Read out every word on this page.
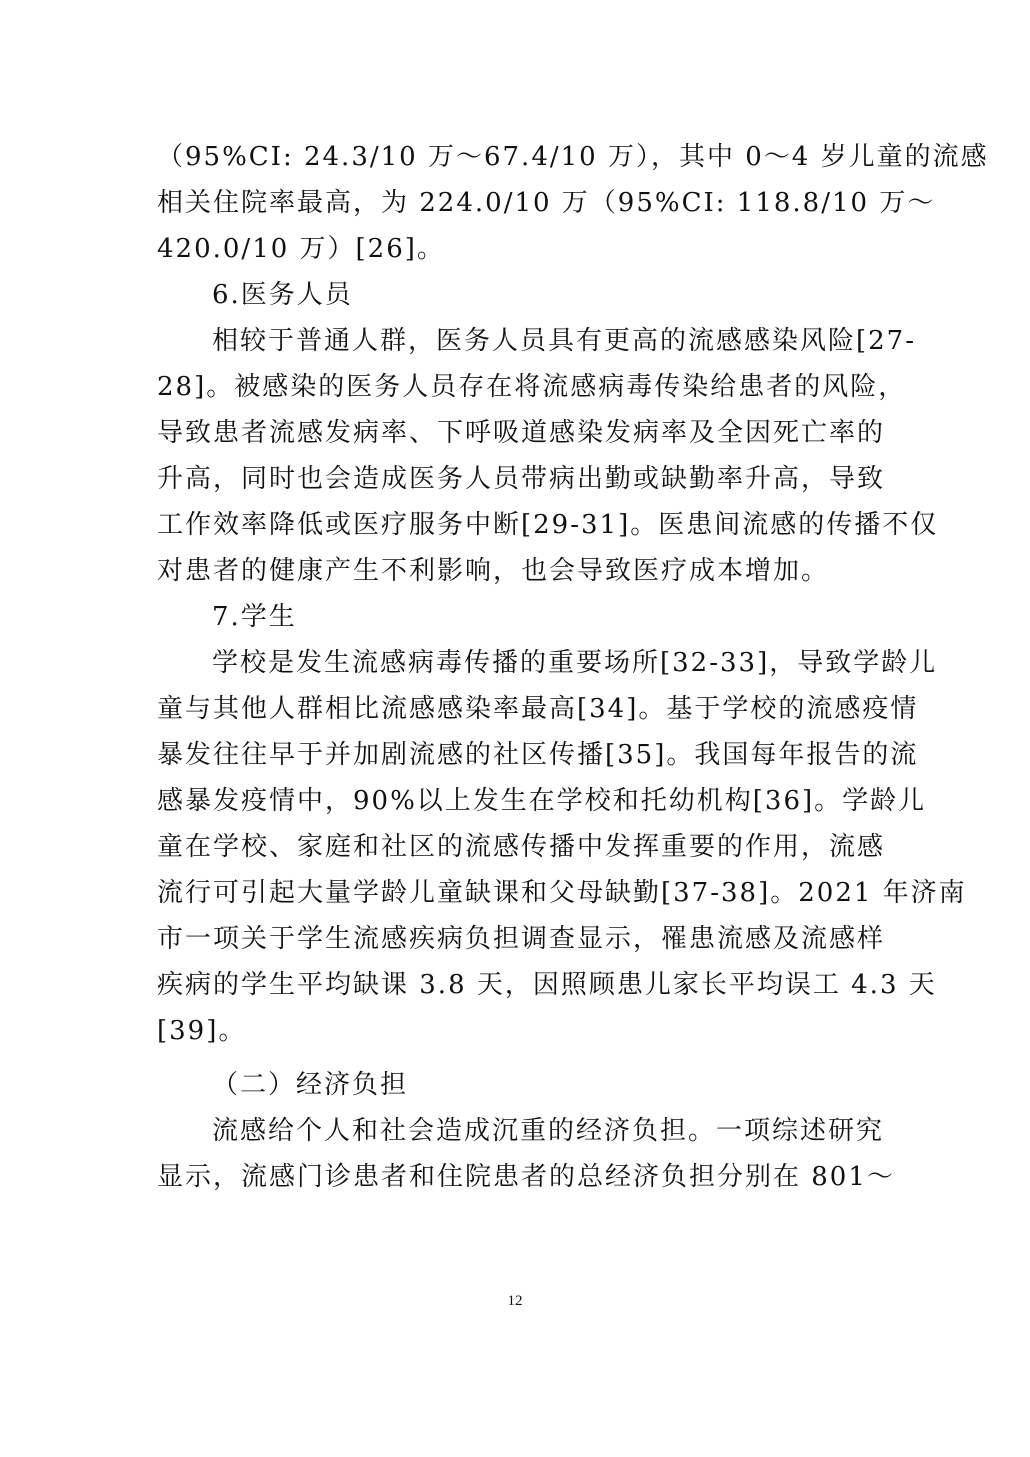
（95%CI: 24.3/10 万～67.4/10 万），其中 0～4 岁儿童的流感
相关住院率最高，为 224.0/10 万（95%CI: 118.8/10 万～
420.0/10 万）[26]。
6.医务人员
相较于普通人群，医务人员具有更高的流感感染风险[27-
28]。被感染的医务人员存在将流感病毒传染给患者的风险，
导致患者流感发病率、下呼吸道感染发病率及全因死亡率的
升高，同时也会造成医务人员带病出勤或缺勤率升高，导致
工作效率降低或医疗服务中断[29-31]。医患间流感的传播不仅
对患者的健康产生不利影响，也会导致医疗成本增加。
7.学生
学校是发生流感病毒传播的重要场所[32-33]，导致学龄儿
童与其他人群相比流感感染率最高[34]。基于学校的流感疫情
暴发往往早于并加剧流感的社区传播[35]。我国每年报告的流
感暴发疫情中，90%以上发生在学校和托幼机构[36]。学龄儿
童在学校、家庭和社区的流感传播中发挥重要的作用，流感
流行可引起大量学龄儿童缺课和父母缺勤[37-38]。2021 年济南
市一项关于学生流感疾病负担调查显示，罹患流感及流感样
疾病的学生平均缺课 3.8 天，因照顾患儿家长平均误工 4.3 天
[39]。
（二）经济负担
流感给个人和社会造成沉重的经济负担。一项综述研究
显示，流感门诊患者和住院患者的总经济负担分别在 801～
12
